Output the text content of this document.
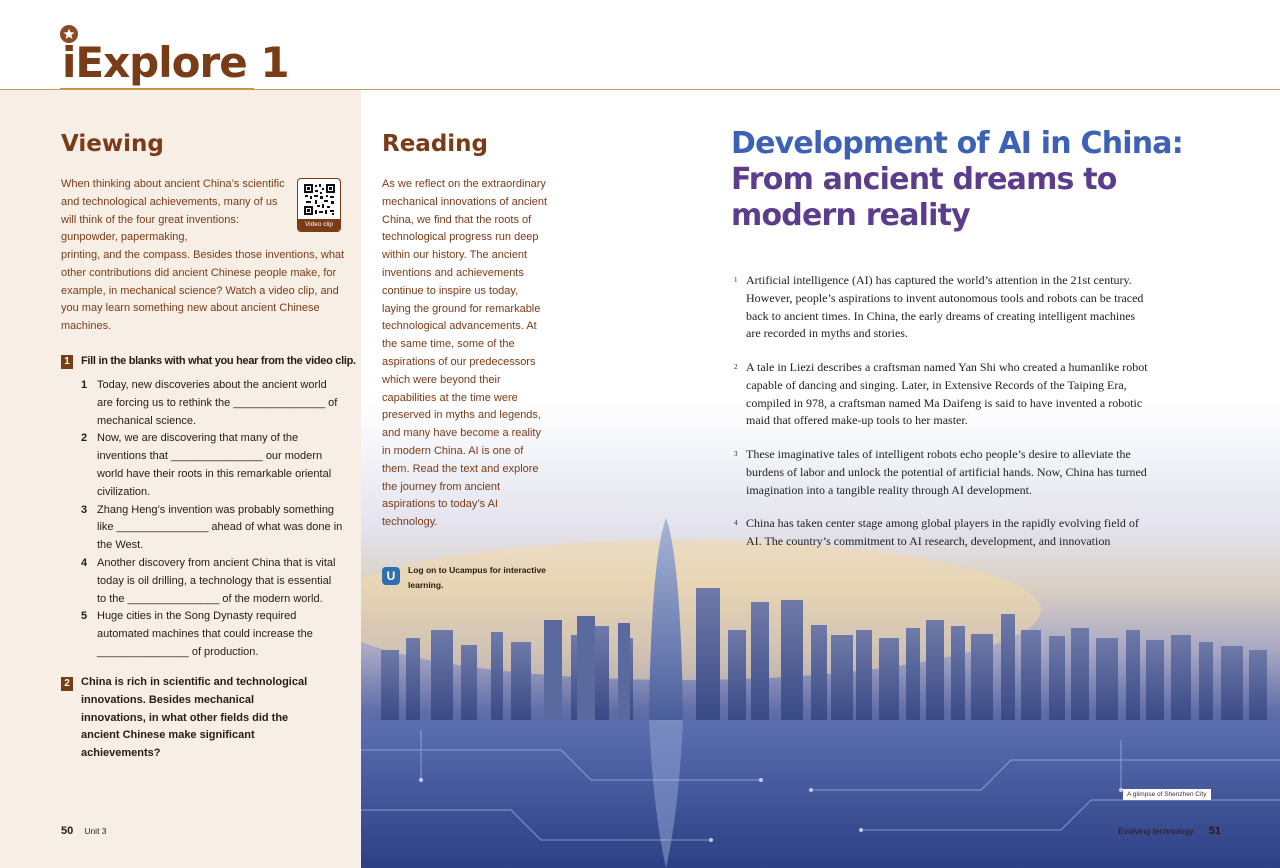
iExplore 1
Viewing
When thinking about ancient China’s scientific and technological achievements, many of us will think of the four great inventions: gunpowder, papermaking,
printing, and the compass. Besides those inventions, what other contributions did ancient Chinese people make, for example, in mechanical science? Watch a video clip, and you may learn something new about ancient Chinese machines.
Video clip
1 Fill in the blanks with what you hear from the video clip.
1 Today, new discoveries about the ancient world are forcing us to rethink the _______________ of mechanical science.
2 Now, we are discovering that many of the inventions that _______________ our modern world have their roots in this remarkable oriental civilization.
3 Zhang Heng’s invention was probably something like _______________ ahead of what was done in the West.
4 Another discovery from ancient China that is vital today is oil drilling, a technology that is essential to the _______________ of the modern world.
5 Huge cities in the Song Dynasty required automated machines that could increase the _______________ of production.
2 China is rich in scientific and technological innovations. Besides mechanical innovations, in what other fields did the ancient Chinese make significant achievements?
Reading
As we reflect on the extraordinary mechanical innovations of ancient China, we find that the roots of technological progress run deep within our history. The ancient inventions and achievements continue to inspire us today, laying the ground for remarkable technological advancements. At the same time, some of the aspirations of our predecessors which were beyond their capabilities at the time were preserved in myths and legends, and many have become a reality in modern China. AI is one of them. Read the text and explore the journey from ancient aspirations to today’s AI technology.
U	Log on to Ucampus for interactive learning.
Development of AI in China:
From ancient dreams to
modern reality
1 Artificial intelligence (AI) has captured the world’s attention in the 21st century. However, people’s aspirations to invent autonomous tools and robots can be traced back to ancient times. In China, the early dreams of creating intelligent machines are recorded in myths and stories.
2 A tale in Liezi describes a craftsman named Yan Shi who created a humanlike robot capable of dancing and singing. Later, in Extensive Records of the Taiping Era, compiled in 978, a craftsman named Ma Daifeng is said to have invented a robotic maid that offered make-up tools to her master.
3 These imaginative tales of intelligent robots echo people’s desire to alleviate the burdens of labor and unlock the potential of artificial hands. Now, China has turned imagination into a tangible reality through AI development.
4 China has taken center stage among global players in the rapidly evolving field of AI. The country’s commitment to AI research, development, and innovation
A glimpse of Shenzhen City
50 Unit 3	Evolving technology 51
